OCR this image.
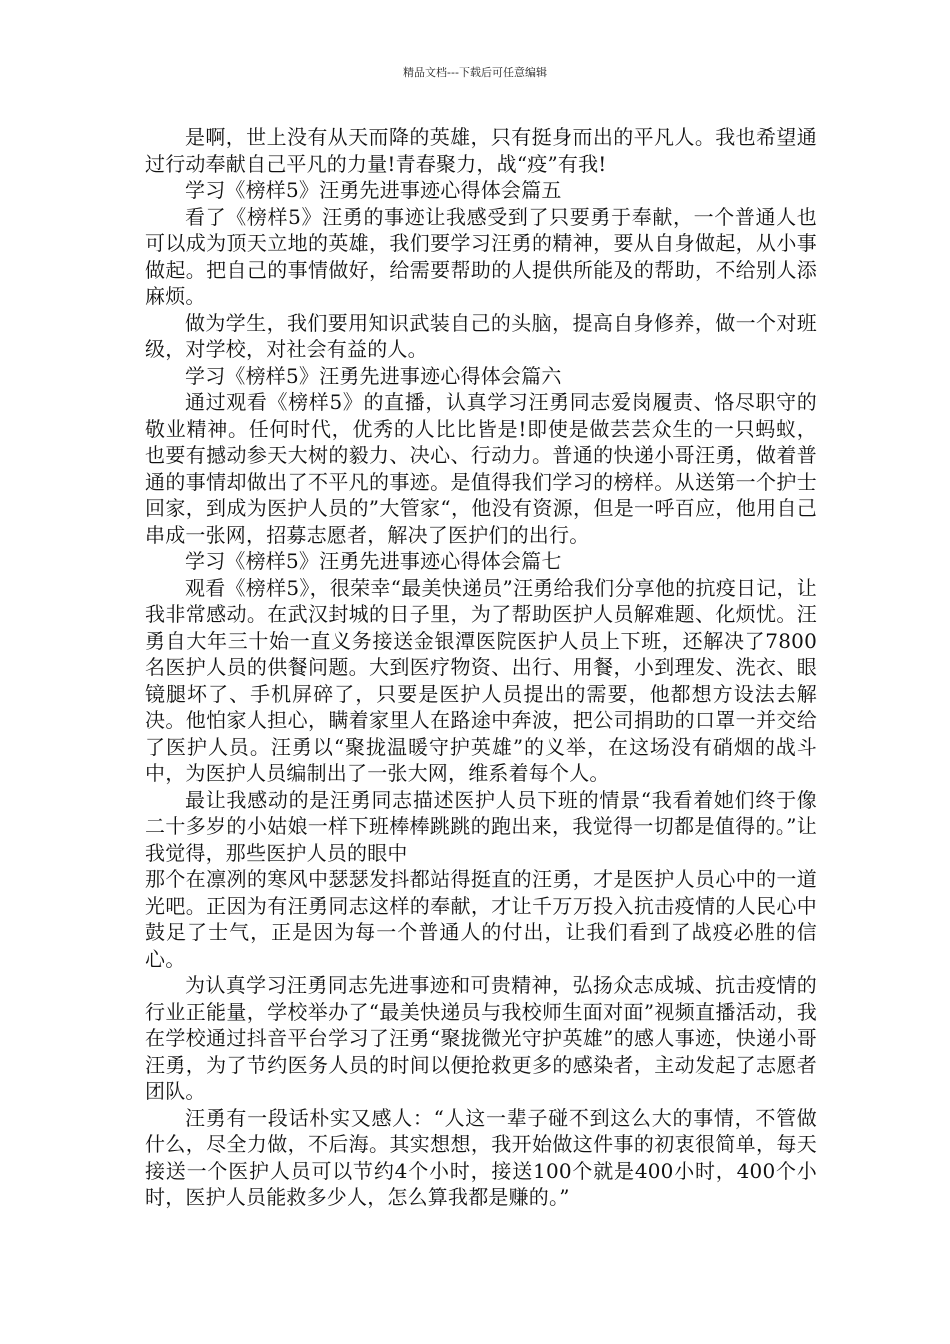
精品文档---下载后可任意编辑

是啊，世上没有从天而降的英雄，只有挺身而出的平凡人。我也希望通过行动奉献自己平凡的力量!青春聚力，战“疫”有我!

学习《榜样5》汪勇先进事迹心得体会篇五

看了《榜样5》汪勇的事迹让我感受到了只要勇于奉献，一个普通人也可以成为顶天立地的英雄，我们要学习汪勇的精神，要从自身做起，从小事做起。把自己的事情做好，给需要帮助的人提供所能及的帮助，不给别人添麻烦。

做为学生，我们要用知识武装自己的头脑，提高自身修养，做一个对班级，对学校，对社会有益的人。

学习《榜样5》汪勇先进事迹心得体会篇六

通过观看《榜样5》的直播，认真学习汪勇同志爱岗履责、恪尽职守的敬业精神。任何时代，优秀的人比比皆是!即使是做芸芸众生的一只蚂蚁，也要有撼动参天大树的毅力、决心、行动力。普通的快递小哥汪勇，做着普通的事情却做出了不平凡的事迹。是值得我们学习的榜样。从送第一个护士回家，到成为医护人员的”大管家“，他没有资源，但是一呼百应，他用自己串成一张网，招募志愿者，解决了医护们的出行。

学习《榜样5》汪勇先进事迹心得体会篇七

观看《榜样5》，很荣幸“最美快递员”汪勇给我们分享他的抗疫日记，让我非常感动。在武汉封城的日子里，为了帮助医护人员解难题、化烦忧。汪勇自大年三十始一直义务接送金银潭医院医护人员上下班，还解决了7800名医护人员的供餐问题。大到医疗物资、出行、用餐，小到理发、洗衣、眼镜腿坏了、手机屏碎了，只要是医护人员提出的需要，他都想方设法去解决。他怕家人担心，瞒着家里人在路途中奔波，把公司捐助的口罩一并交给了医护人员。汪勇以“聚拢温暖守护英雄”的义举，在这场没有硝烟的战斗中，为医护人员编制出了一张大网，维系着每个人。

最让我感动的是汪勇同志描述医护人员下班的情景“我看着她们终于像二十多岁的小姑娘一样下班棒棒跳跳的跑出来，我觉得一切都是值得的。”让我觉得，那些医护人员的眼中

那个在凛冽的寒风中瑟瑟发抖都站得挺直的汪勇，才是医护人员心中的一道光吧。正因为有汪勇同志这样的奉献，才让千万万投入抗击疫情的人民心中鼓足了士气，正是因为每一个普通人的付出，让我们看到了战疫必胜的信心。

为认真学习汪勇同志先进事迹和可贵精神，弘扬众志成城、抗击疫情的行业正能量，学校举办了“最美快递员与我校师生面对面”视频直播活动，我在学校通过抖音平台学习了汪勇“聚拢微光守护英雄”的感人事迹，快递小哥汪勇，为了节约医务人员的时间以便抢救更多的感染者，主动发起了志愿者团队。

汪勇有一段话朴实又感人：“人这一辈子碰不到这么大的事情，不管做什么，尽全力做，不后海。其实想想，我开始做这件事的初衷很简单，每天接送一个医护人员可以节约4个小时，接送100个就是400小时，400个小时，医护人员能救多少人，怎么算我都是赚的。”
